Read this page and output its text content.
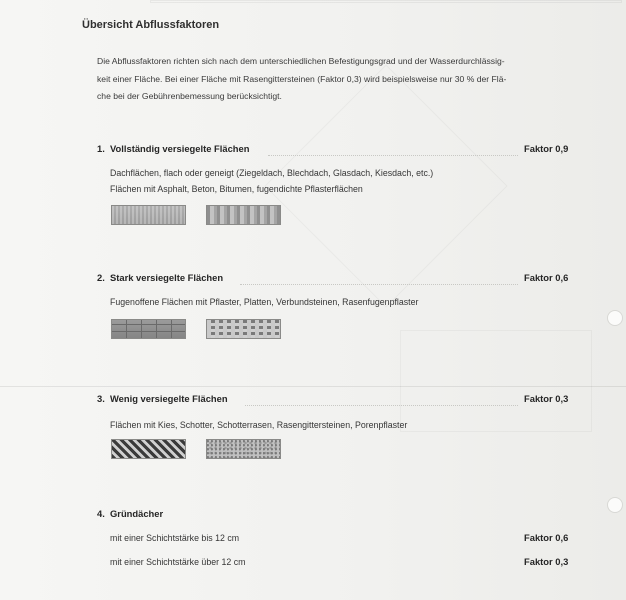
Übersicht Abflussfaktoren
Die Abflussfaktoren richten sich nach dem unterschiedlichen Befestigungsgrad und der Wasserdurchlässig-
keit einer Fläche. Bei einer Fläche mit Rasengittersteinen (Faktor 0,3) wird beispielsweise nur 30 % der Flä-
che bei der Gebührenbemessung berücksichtigt.
1. Vollständig versiegelte Flächen	Faktor 0,9
Dachflächen, flach oder geneigt (Ziegeldach, Blechdach, Glasdach, Kiesdach, etc.)
Flächen mit Asphalt, Beton, Bitumen, fugendichte Pflasterflächen
2. Stark versiegelte Flächen	Faktor 0,6
Fugenoffene Flächen mit Pflaster, Platten, Verbundsteinen, Rasenfugenpflaster
3. Wenig versiegelte Flächen	Faktor 0,3
Flächen mit Kies, Schotter, Schotterrasen, Rasengittersteinen, Porenpflaster
4. Gründächer
mit einer Schichtstärke bis 12 cm	Faktor 0,6
mit einer Schichtstärke über 12 cm	Faktor 0,3
